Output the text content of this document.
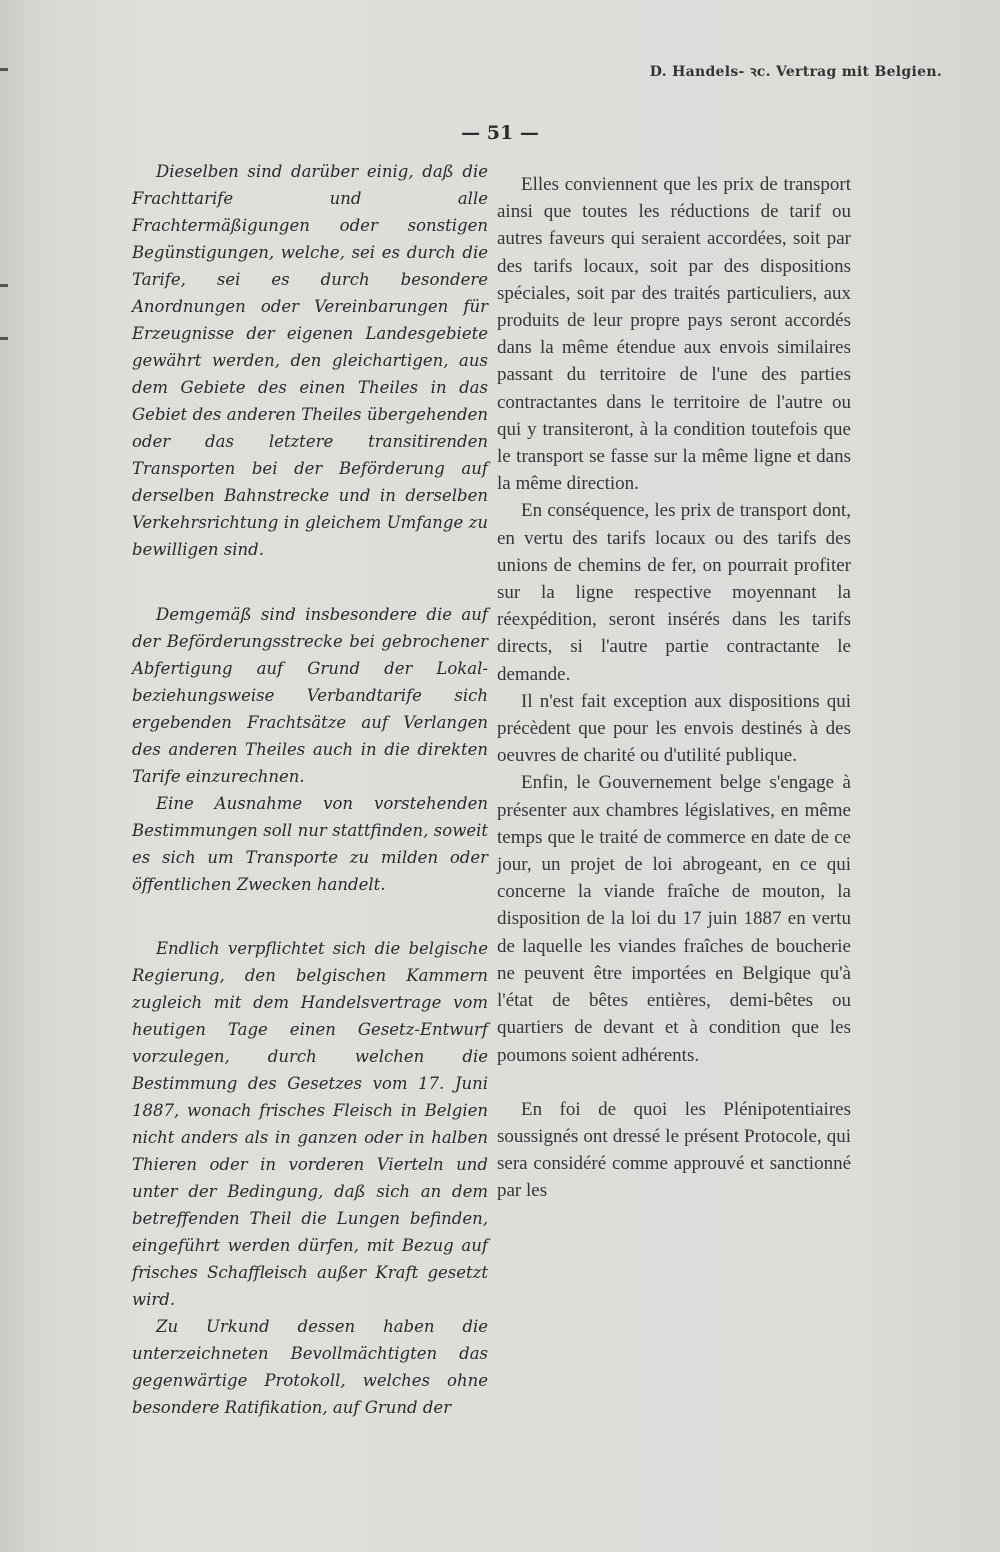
D. Handels- ꝛc. Vertrag mit Belgien.
— 51 —

Dieselben sind darüber einig, daß die Frachttarife und alle Frachtermäßigungen oder sonstigen Begünstigungen, welche, sei es durch die Tarife, sei es durch besondere Anordnungen oder Vereinbarungen für Erzeugnisse der eigenen Landesgebiete gewährt werden, den gleichartigen, aus dem Gebiete des einen Theiles in das Gebiet des anderen Theiles übergehenden oder das letztere transitirenden Transporten bei der Beförderung auf derselben Bahnstrecke und in derselben Verkehrsrichtung in gleichem Umfange zu bewilligen sind.

Demgemäß sind insbesondere die auf der Beförderungsstrecke bei gebrochener Abfertigung auf Grund der Lokal- beziehungsweise Verbandtarife sich ergebenden Frachtsätze auf Verlangen des anderen Theiles auch in die direkten Tarife einzurechnen.

Eine Ausnahme von vorstehenden Bestimmungen soll nur stattfinden, soweit es sich um Transporte zu milden oder öffentlichen Zwecken handelt.

Endlich verpflichtet sich die belgische Regierung, den belgischen Kammern zugleich mit dem Handelsvertrage vom heutigen Tage einen Gesetz-Entwurf vorzulegen, durch welchen die Bestimmung des Gesetzes vom 17. Juni 1887, wonach frisches Fleisch in Belgien nicht anders als in ganzen oder in halben Thieren oder in vorderen Vierteln und unter der Bedingung, daß sich an dem betreffenden Theil die Lungen befinden, eingeführt werden dürfen, mit Bezug auf frisches Schaffleisch außer Kraft gesetzt wird.

Zu Urkund dessen haben die unterzeichneten Bevollmächtigten das gegenwärtige Protokoll, welches ohne besondere Ratifikation, auf Grund der

Elles conviennent que les prix de transport ainsi que toutes les réductions de tarif ou autres faveurs qui seraient accordées, soit par des tarifs locaux, soit par des dispositions spéciales, soit par des traités particuliers, aux produits de leur propre pays seront accordés dans la même étendue aux envois similaires passant du territoire de l'une des parties contractantes dans le territoire de l'autre ou qui y transiteront, à la condition toutefois que le transport se fasse sur la même ligne et dans la même direction.

En conséquence, les prix de transport dont, en vertu des tarifs locaux ou des tarifs des unions de chemins de fer, on pourrait profiter sur la ligne respective moyennant la réexpédition, seront insérés dans les tarifs directs, si l'autre partie contractante le demande.

Il n'est fait exception aux dispositions qui précèdent que pour les envois destinés à des oeuvres de charité ou d'utilité publique.

Enfin, le Gouvernement belge s'engage à présenter aux chambres législatives, en même temps que le traité de commerce en date de ce jour, un projet de loi abrogeant, en ce qui concerne la viande fraîche de mouton, la disposition de la loi du 17 juin 1887 en vertu de laquelle les viandes fraîches de boucherie ne peuvent être importées en Belgique qu'à l'état de bêtes entières, demi-bêtes ou quartiers de devant et à condition que les poumons soient adhérents.

En foi de quoi les Plénipotentiaires soussignés ont dressé le présent Protocole, qui sera considéré comme approuvé et sanctionné par les
